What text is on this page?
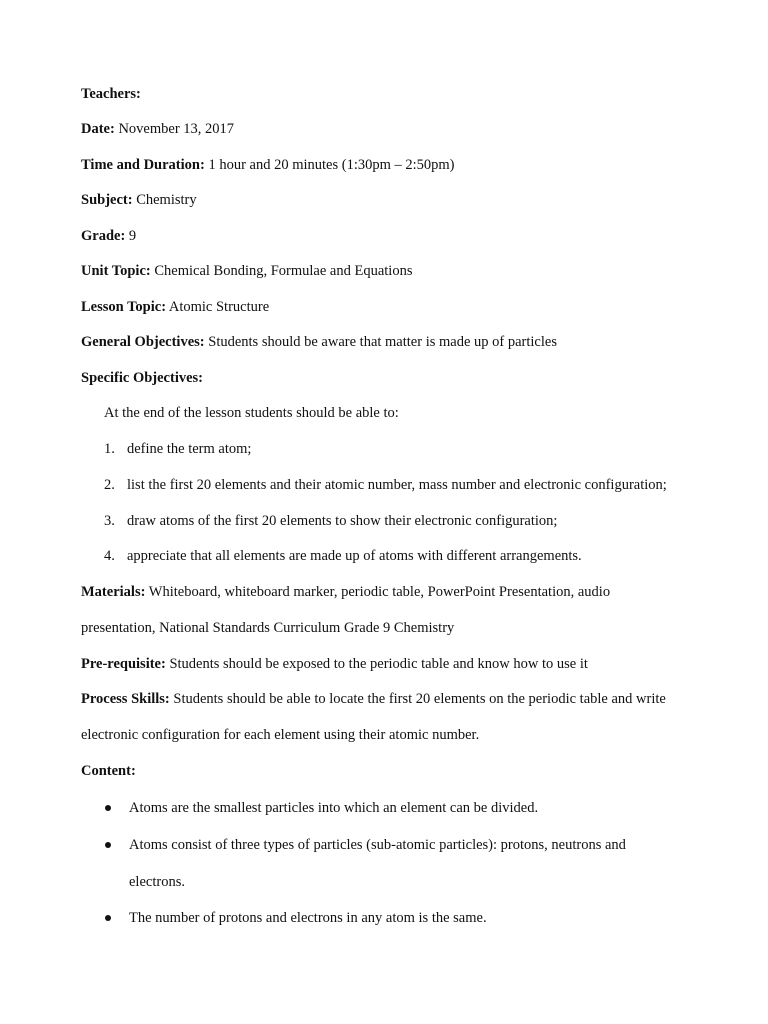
Teachers:
Date: November 13, 2017
Time and Duration: 1 hour and 20 minutes (1:30pm – 2:50pm)
Subject: Chemistry
Grade: 9
Unit Topic: Chemical Bonding, Formulae and Equations
Lesson Topic: Atomic Structure
General Objectives: Students should be aware that matter is made up of particles
Specific Objectives:
At the end of the lesson students should be able to:
1. define the term atom;
2. list the first 20 elements and their atomic number, mass number and electronic configuration;
3. draw atoms of the first 20 elements to show their electronic configuration;
4. appreciate that all elements are made up of atoms with different arrangements.
Materials: Whiteboard, whiteboard marker, periodic table, PowerPoint Presentation, audio
presentation, National Standards Curriculum Grade 9 Chemistry
Pre-requisite: Students should be exposed to the periodic table and know how to use it
Process Skills: Students should be able to locate the first 20 elements on the periodic table and write
electronic configuration for each element using their atomic number.
Content:
Atoms are the smallest particles into which an element can be divided.
Atoms consist of three types of particles (sub-atomic particles): protons, neutrons and
electrons.
The number of protons and electrons in any atom is the same.
